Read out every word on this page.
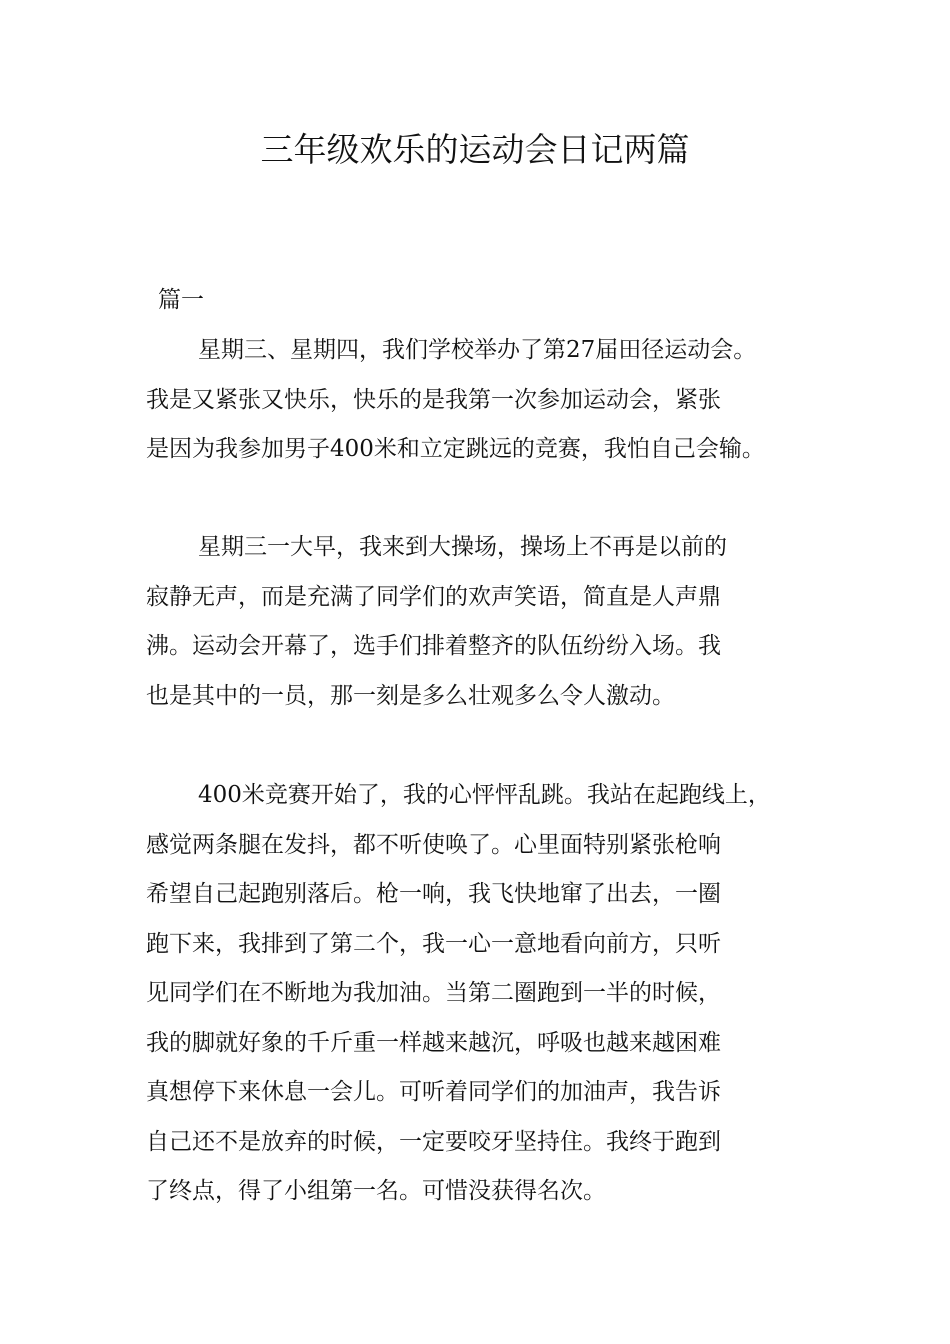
三年级欢乐的运动会日记两篇
篇一
星期三、星期四，我们学校举办了第27届田径运动会。
我是又紧张又快乐，快乐的是我第一次参加运动会，紧张
是因为我参加男子400米和立定跳远的竞赛，我怕自己会输。
星期三一大早，我来到大操场，操场上不再是以前的
寂静无声，而是充满了同学们的欢声笑语，简直是人声鼎
沸。运动会开幕了，选手们排着整齐的队伍纷纷入场。我
也是其中的一员，那一刻是多么壮观多么令人激动。
400米竞赛开始了，我的心怦怦乱跳。我站在起跑线上，
感觉两条腿在发抖，都不听使唤了。心里面特别紧张枪响
希望自己起跑别落后。枪一响，我飞快地窜了出去，一圈
跑下来，我排到了第二个，我一心一意地看向前方，只听
见同学们在不断地为我加油。当第二圈跑到一半的时候，
我的脚就好象的千斤重一样越来越沉，呼吸也越来越困难
真想停下来休息一会儿。可听着同学们的加油声，我告诉
自己还不是放弃的时候，一定要咬牙坚持住。我终于跑到
了终点，得了小组第一名。可惜没获得名次。
